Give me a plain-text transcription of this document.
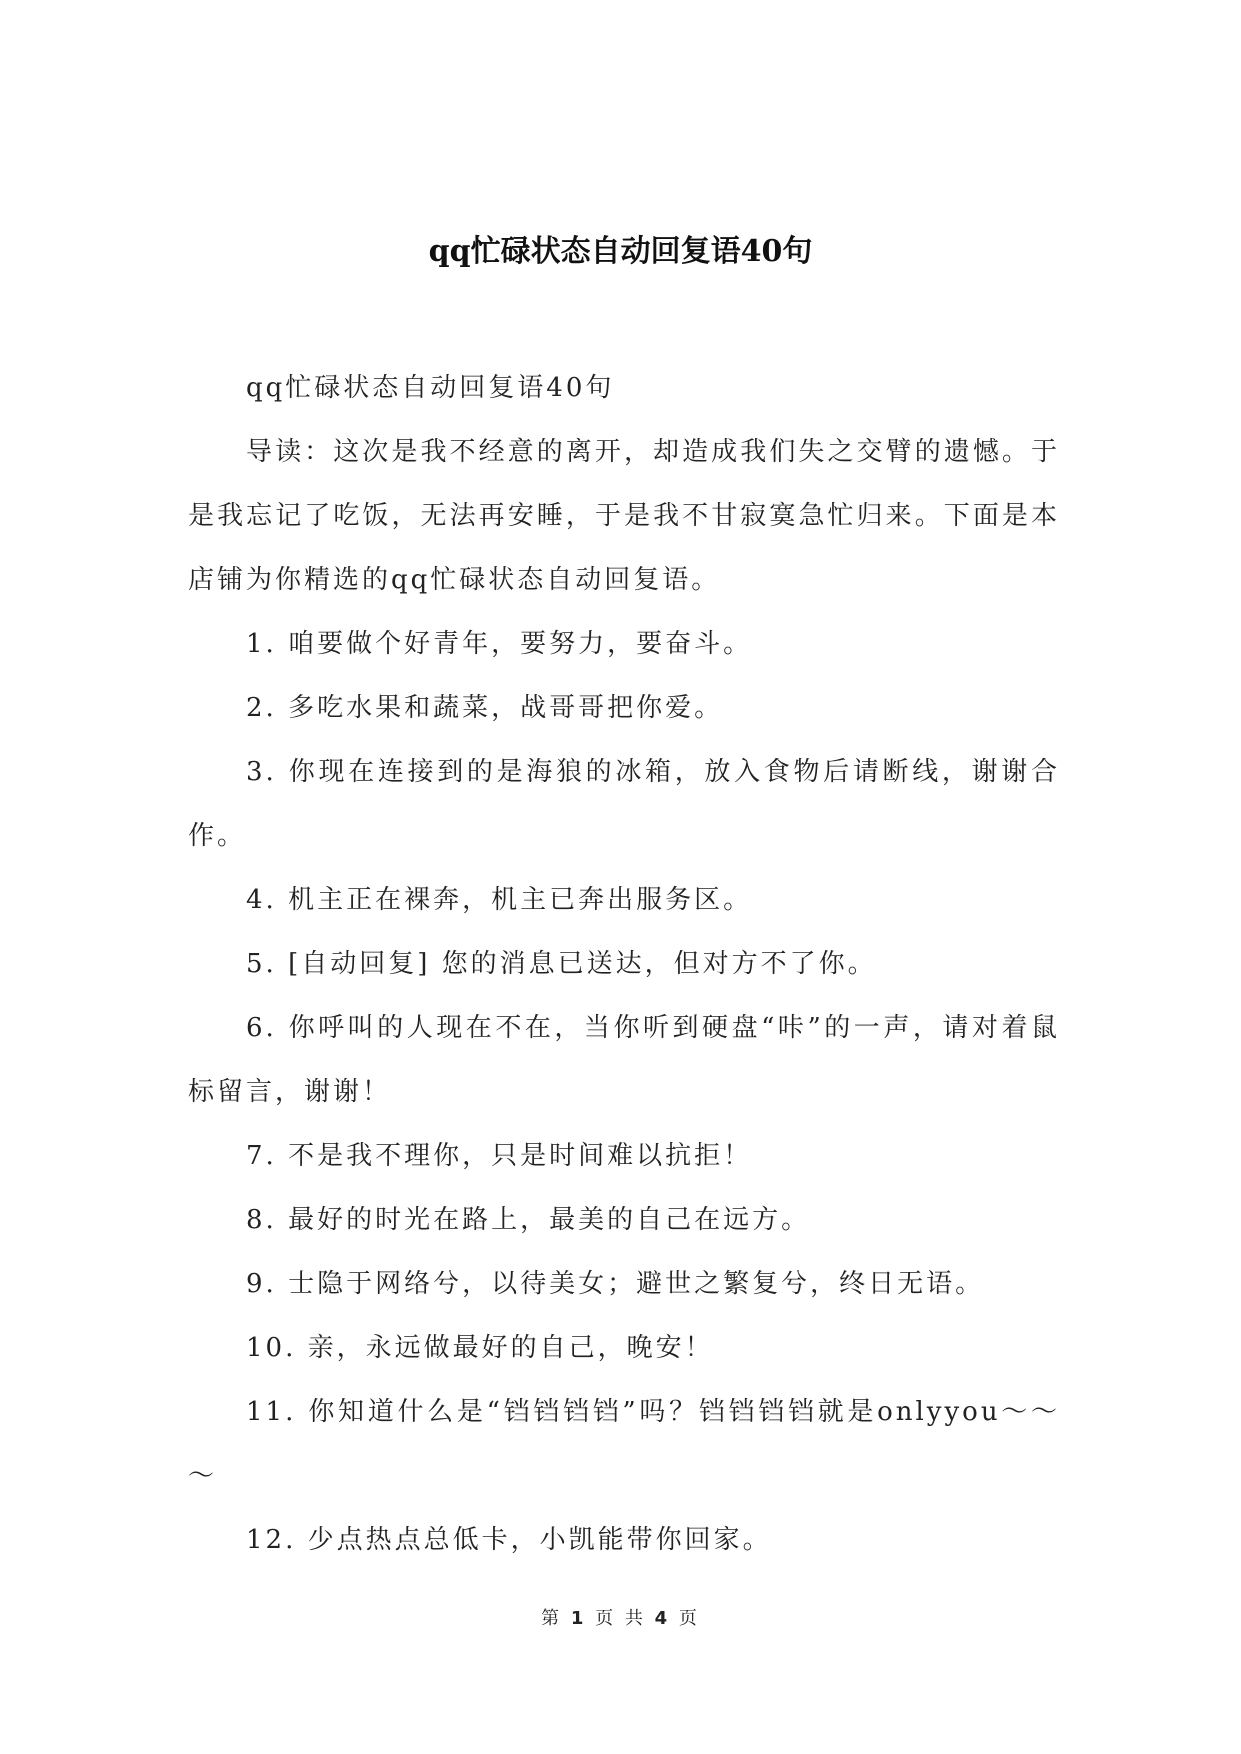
qq忙碌状态自动回复语40句

qq忙碌状态自动回复语40句

导读：这次是我不经意的离开，却造成我们失之交臂的遗憾。于是我忘记了吃饭，无法再安睡，于是我不甘寂寞急忙归来。下面是本店铺为你精选的qq忙碌状态自动回复语。

1. 咱要做个好青年，要努力，要奋斗。

2. 多吃水果和蔬菜，战哥哥把你爱。

3. 你现在连接到的是海狼的冰箱，放入食物后请断线，谢谢合作。

4. 机主正在裸奔，机主已奔出服务区。

5. [自动回复] 您的消息已送达，但对方不了你。

6. 你呼叫的人现在不在，当你听到硬盘“咔”的一声，请对着鼠标留言，谢谢！

7. 不是我不理你，只是时间难以抗拒！

8. 最好的时光在路上，最美的自己在远方。

9. 士隐于网络兮，以待美女；避世之繁复兮，终日无语。

10. 亲，永远做最好的自己，晚安！

11. 你知道什么是“铛铛铛铛”吗？铛铛铛铛就是onlyyou～～～

12. 少点热点总低卡，小凯能带你回家。

第 1 页 共 4 页
